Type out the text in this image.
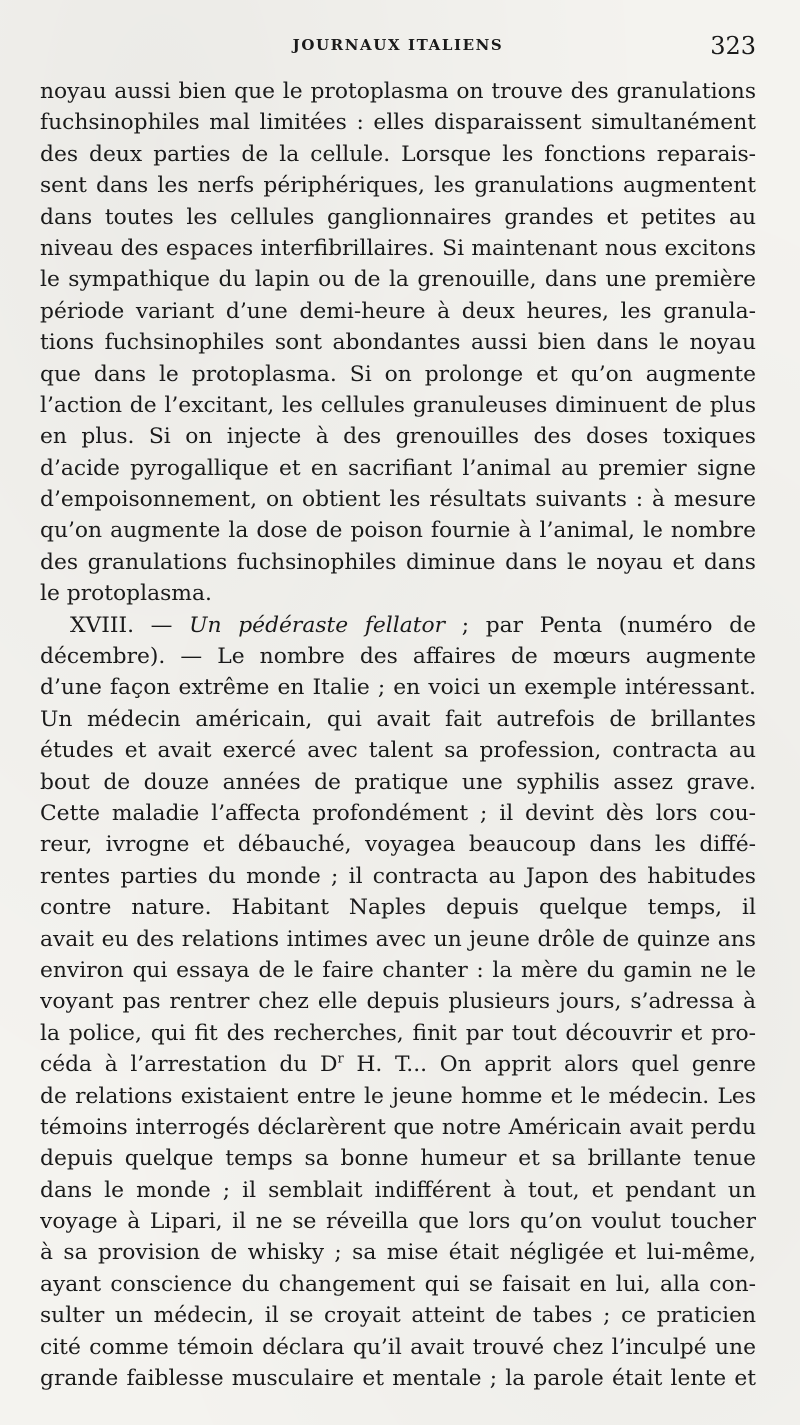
JOURNAUX ITALIENS	323
noyau aussi bien que le protoplasma on trouve des granulations
fuchsinophiles mal limitées : elles disparaissent simultanément
des deux parties de la cellule. Lorsque les fonctions reparais-
sent dans les nerfs périphériques, les granulations augmentent
dans toutes les cellules ganglionnaires grandes et petites au
niveau des espaces interfibrillaires. Si maintenant nous excitons
le sympathique du lapin ou de la grenouille, dans une première
période variant d’une demi-heure à deux heures, les granula-
tions fuchsinophiles sont abondantes aussi bien dans le noyau
que dans le protoplasma. Si on prolonge et qu’on augmente
l’action de l’excitant, les cellules granuleuses diminuent de plus
en plus. Si on injecte à des grenouilles des doses toxiques
d’acide pyrogallique et en sacrifiant l’animal au premier signe
d’empoisonnement, on obtient les résultats suivants : à mesure
qu’on augmente la dose de poison fournie à l’animal, le nombre
des granulations fuchsinophiles diminue dans le noyau et dans
le protoplasma.
XVIII. — Un pédéraste fellator ; par Penta (numéro de
décembre). — Le nombre des affaires de mœurs augmente
d’une façon extrême en Italie ; en voici un exemple intéressant.
Un médecin américain, qui avait fait autrefois de brillantes
études et avait exercé avec talent sa profession, contracta au
bout de douze années de pratique une syphilis assez grave.
Cette maladie l’affecta profondément ; il devint dès lors cou-
reur, ivrogne et débauché, voyagea beaucoup dans les diffé-
rentes parties du monde ; il contracta au Japon des habitudes
contre nature. Habitant Naples depuis quelque temps, il
avait eu des relations intimes avec un jeune drôle de quinze ans
environ qui essaya de le faire chanter : la mère du gamin ne le
voyant pas rentrer chez elle depuis plusieurs jours, s’adressa à
la police, qui fit des recherches, finit par tout découvrir et pro-
céda à l’arrestation du $D^r$ H. T... On apprit alors quel genre
de relations existaient entre le jeune homme et le médecin. Les
témoins interrogés déclarèrent que notre Américain avait perdu
depuis quelque temps sa bonne humeur et sa brillante tenue
dans le monde ; il semblait indifférent à tout, et pendant un
voyage à Lipari, il ne se réveilla que lors qu’on voulut toucher
à sa provision de whisky ; sa mise était négligée et lui-même,
ayant conscience du changement qui se faisait en lui, alla con-
sulter un médecin, il se croyait atteint de tabes ; ce praticien
cité comme témoin déclara qu’il avait trouvé chez l’inculpé une
grande faiblesse musculaire et mentale ; la parole était lente et
